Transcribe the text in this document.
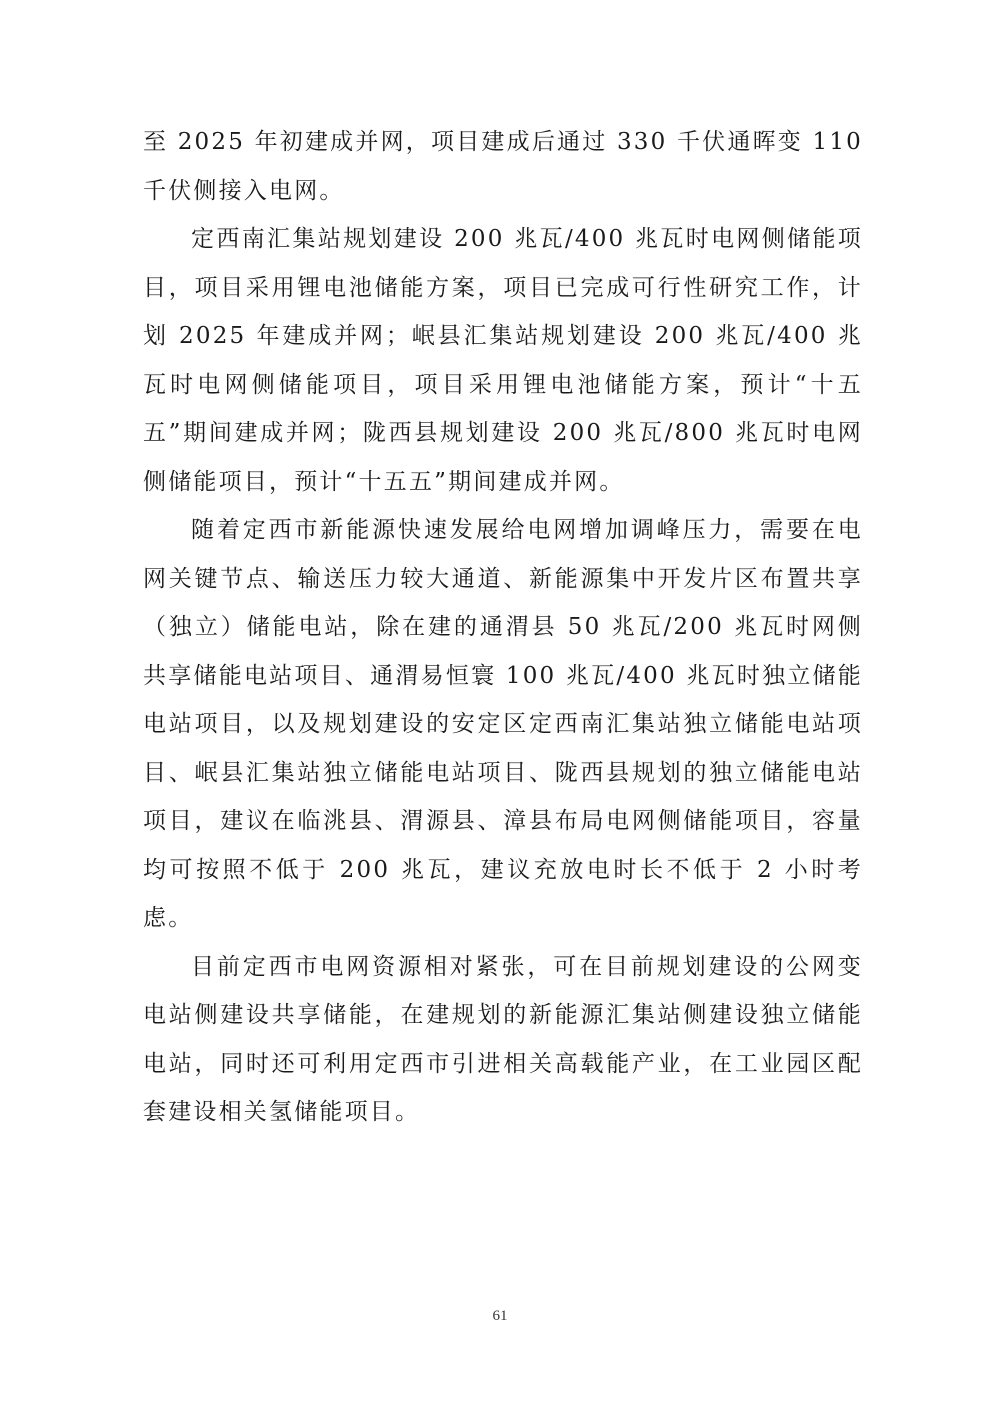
至 2025 年初建成并网，项目建成后通过 330 千伏通晖变 110 千伏侧接入电网。

定西南汇集站规划建设 200 兆瓦/400 兆瓦时电网侧储能项目，项目采用锂电池储能方案，项目已完成可行性研究工作，计划 2025 年建成并网；岷县汇集站规划建设 200 兆瓦/400 兆瓦时电网侧储能项目，项目采用锂电池储能方案，预计“十五五”期间建成并网；陇西县规划建设 200 兆瓦/800 兆瓦时电网侧储能项目，预计“十五五”期间建成并网。

随着定西市新能源快速发展给电网增加调峰压力，需要在电网关键节点、输送压力较大通道、新能源集中开发片区布置共享（独立）储能电站，除在建的通渭县 50 兆瓦/200 兆瓦时网侧共享储能电站项目、通渭易恒寰 100 兆瓦/400 兆瓦时独立储能电站项目，以及规划建设的安定区定西南汇集站独立储能电站项目、岷县汇集站独立储能电站项目、陇西县规划的独立储能电站项目，建议在临洮县、渭源县、漳县布局电网侧储能项目，容量均可按照不低于 200 兆瓦，建议充放电时长不低于 2 小时考虑。

目前定西市电网资源相对紧张，可在目前规划建设的公网变电站侧建设共享储能，在建规划的新能源汇集站侧建设独立储能电站，同时还可利用定西市引进相关高载能产业，在工业园区配套建设相关氢储能项目。

61
